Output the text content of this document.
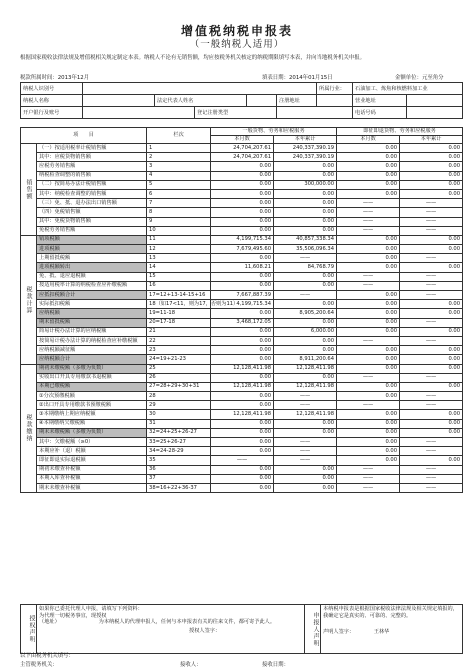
增值税纳税申报表
（一般纳税人适用）
根据国家税收法律法规及增值税相关规定制定本表。纳税人不论有无销售额，均应按税务机关核定的纳税期限填写本表，并向当地税务机关申报。
税款所属时间：2013年12月	填表日期：2014年01月15日	金额单位：元至角分
纳税人识别号						所属行业：	石油加工、炼焦和核燃料加工业	
纳税人名称		法定代表人姓名			注册地址		营业地址	
开户银行及账号			登记注册类型				电话号码	
项　　目		栏次	一般货物、劳务和应税服务		即征即退货物、劳务和应税服务	
			本月数	本年累计	本月数	本年累计
销售额	（一）按适用税率计税销售额	1	24,704,207.61	240,337,390.19	0.00	0.00
	其中：应税货物销售额	2	24,704,207.61	240,337,390.19	0.00	0.00
	应税劳务销售额	3	0.00	0.00	0.00	0.00
	纳税检查调整的销售额	4	0.00	0.00	0.00	0.00
	（二）按简易办法计税销售额	5	0.00	300,000.00	0.00	0.00
	其中：纳税检查调整的销售额	6	0.00	0.00	0.00	0.00
	（三）免、抵、退办法出口销售额	7	0.00	0.00	——	——
	（四）免税销售额	8	0.00	0.00	——	——
	其中：免税货物销售额	9	0.00	0.00	——	——
	免税劳务销售额	10	0.00	0.00	——	——
税款计算	销项税额	11	4,199,715.34	40,857,338.34	0.00	0.00
	进项税额	12	7,679,495.60	35,506,096.34	0.00	0.00
	上期留抵税额	13	0.00	——	0.00	——
	进项税额转出	14	11,608.21	84,768.79	0.00	0.00
	免、抵、退应退税额	15	0.00	0.00	——	——
	按适用税率计算的纳税检查应补缴税额	16	0.00	0.00	——	——
	应抵扣税额合计	17=12+13-14-15+16	7,667,887.39	——	0.00	——
	实际抵扣税额	18（如17<11，则为17，否则为11）	4,199,715.34	0.00	0.00	0.00
	应纳税额	19=11-18	0.00	8,905,200.64	0.00	0.00
	期末留抵税额	20=17-18	3,468,172.05	0.00	0.00	——
	简易计税办法计算的应纳税额	21	0.00	6,000.00	0.00	0.00
	按简易计税办法计算的纳税检查应补缴税额	22	0.00	0.00	——	——
	应纳税额减征额	23	0.00	0.00	0.00	0.00
	应纳税额合计	24=19+21-23	0.00	8,911,200.64	0.00	0.00
税款缴纳	期初未缴税额（多缴为负数）	25	12,128,411.98	12,128,411.98	0.00	0.00
	实收出口开具专用缴款书退税额	26	0.00	0.00	——	——
	本期已缴税额	27=28+29+30+31	12,128,411.98	12,128,411.98	0.00	0.00
	①分次预缴税额	28	0.00	——	0.00	——
	②出口开具专用缴款书预缴税额	29	0.00	——	——	——
	③本期缴纳上期应纳税额	30	12,128,411.98	12,128,411.98	0.00	0.00
	④本期缴纳欠缴税额	31	0.00	0.00	0.00	0.00
	期末未缴税额（多缴为负数）	32=24+25+26-27	0.00	0.00	0.00	0.00
	其中：欠缴税额（≥0）	33=25+26-27	0.00	——	0.00	——
	本期应补（退）税额	34=24-28-29	0.00	——	0.00	——
	即征即退实际退税额	35	——	——	0.00	0.00
	期初未缴查补税额	36	0.00	0.00	——	——
	本期入库查补税额	37	0.00	0.00	——	——
	期末未缴查补税额	38=16+22+36-37	0.00	0.00	——	——
授权声明	
如果你已委托代理人申报，请填写下列资料：
为代理一切税务事宜，现授权
（地址）　　　　　　　　为本纳税人的代理申报人，任何与本申报表有关的往来文件，都可寄予此人。
授权人签字：	申报人声明	
本纳税申报表是根据国家税收法律法规及相关规定填报的，我确定它是真实的、可靠的、完整的。
声明人签字：	王林华
以下由税务机关填写：
主管税务机关：	接收人：	接收日期：
